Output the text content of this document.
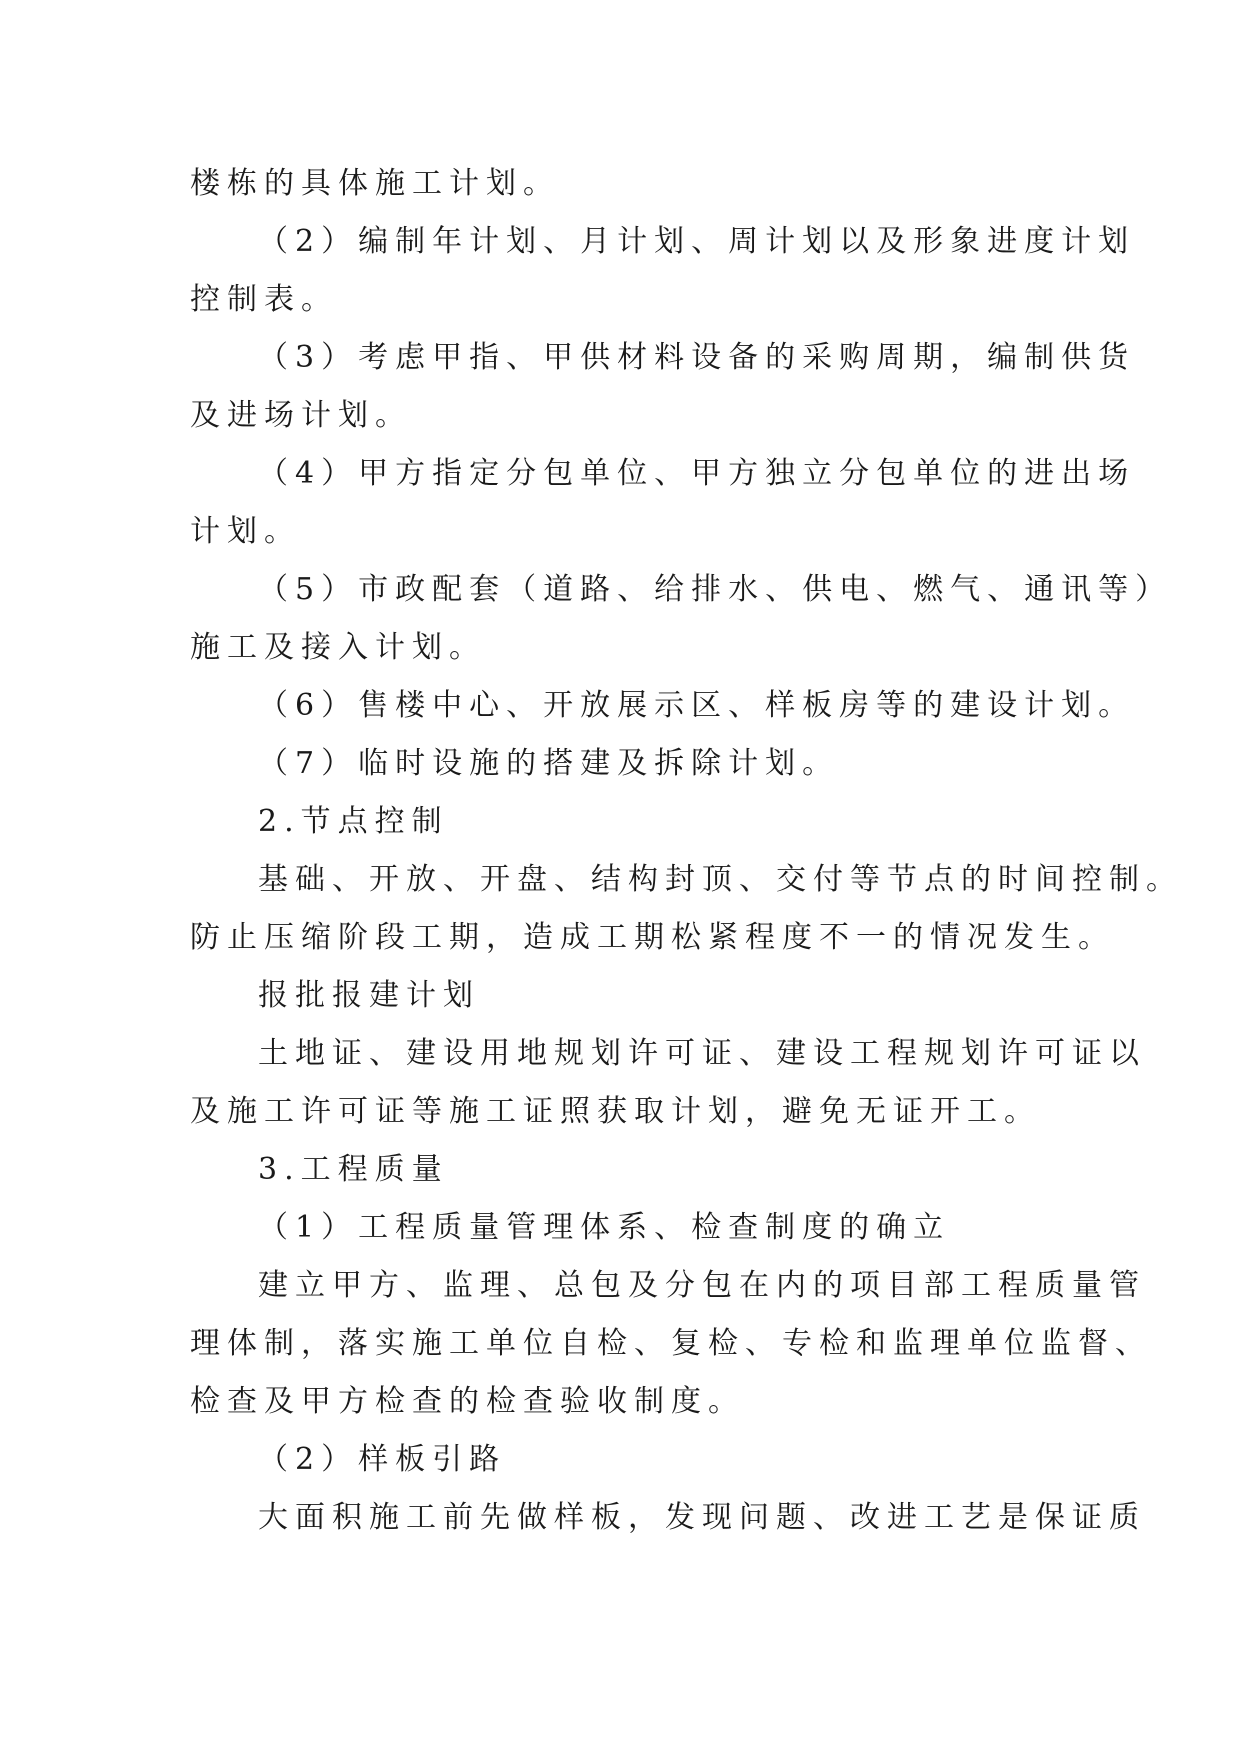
楼栋的具体施工计划。

（2）编制年计划、月计划、周计划以及形象进度计划

控制表。

（3）考虑甲指、甲供材料设备的采购周期，编制供货

及进场计划。

（4）甲方指定分包单位、甲方独立分包单位的进出场

计划。

（5）市政配套（道路、给排水、供电、燃气、通讯等）

施工及接入计划。

（6）售楼中心、开放展示区、样板房等的建设计划。

（7）临时设施的搭建及拆除计划。

2.节点控制

基础、开放、开盘、结构封顶、交付等节点的时间控制。

防止压缩阶段工期，造成工期松紧程度不一的情况发生。

报批报建计划

土地证、建设用地规划许可证、建设工程规划许可证以

及施工许可证等施工证照获取计划，避免无证开工。

3.工程质量

（1）工程质量管理体系、检查制度的确立

建立甲方、监理、总包及分包在内的项目部工程质量管

理体制，落实施工单位自检、复检、专检和监理单位监督、

检查及甲方检查的检查验收制度。

（2）样板引路

大面积施工前先做样板，发现问题、改进工艺是保证质
